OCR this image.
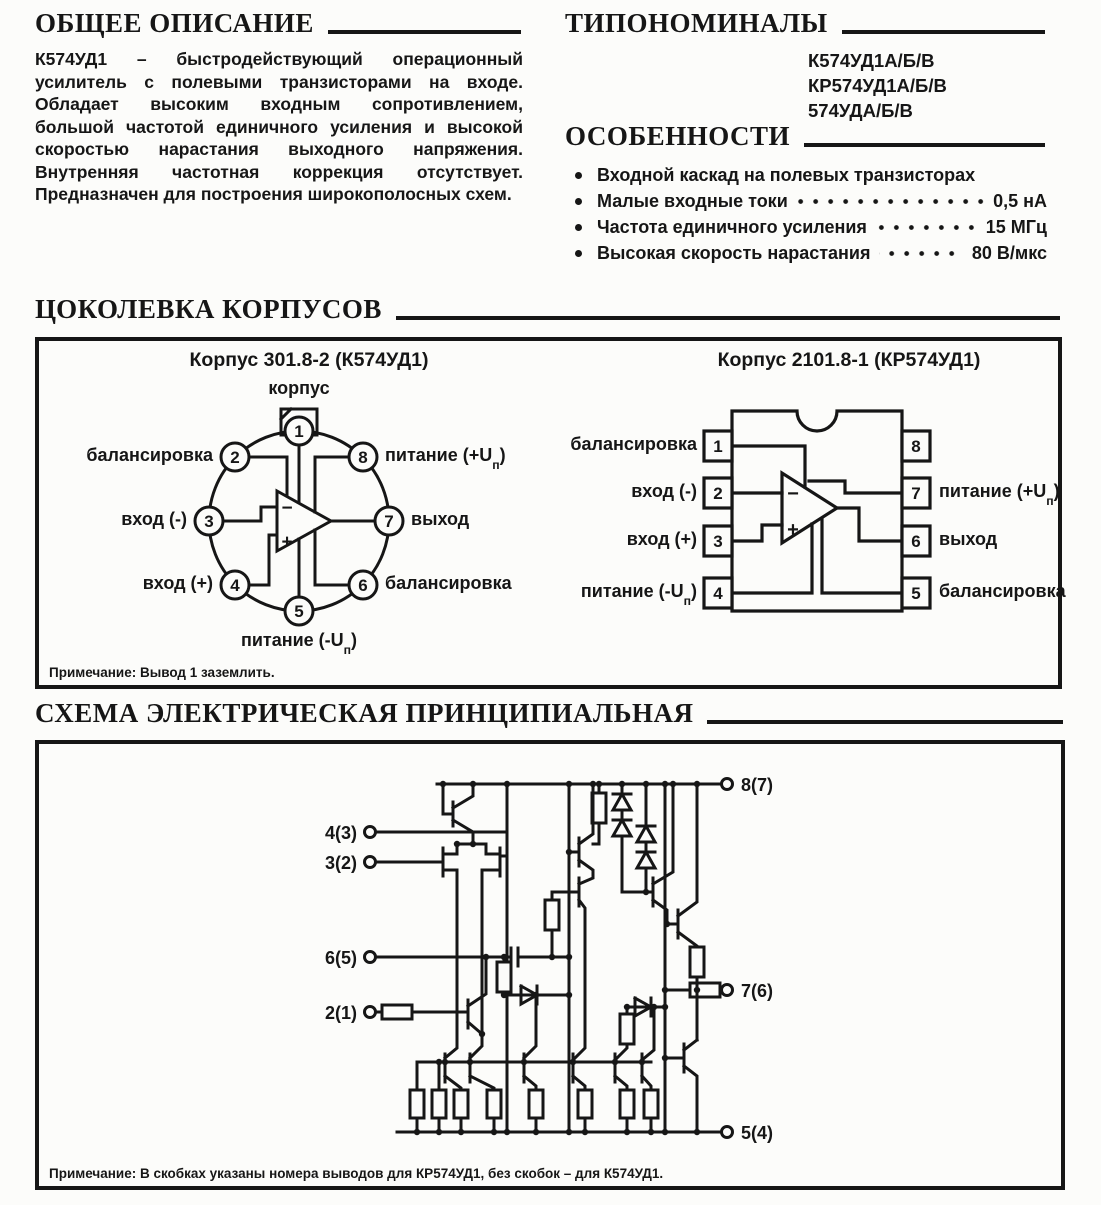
ОБЩЕЕ ОПИСАНИЕ

К574УД1 – быстродействующий операционный усилитель с полевыми транзисторами на входе. Обладает высоким входным сопротивлением, большой частотой единичного усиления и высокой скоростью нарастания выходного напряжения. Внутренняя частотная коррекция отсутствует. Предназначен для построения широкополосных схем.

ТИПОНОМИНАЛЫ
К574УД1А/Б/В
КР574УД1А/Б/В
574УДА/Б/В
ОСОБЕННОСТИ
Входной каскад на полевых транзисторах
Малые входные токи	0,5 нА
Частота единичного усиления	15 МГц
Высокая скорость нарастания	80 В/мкс
ЦОКОЛЕВКА КОРПУСОВ
Корпус 301.8-2 (К574УД1)	Корпус 2101.8-1 (КР574УД1)
1
2
3
4
5
6
7
8
−
+
корпус
балансировка
вход (-)
вход (+)
питание $(-U_п)$
балансировка
выход
питание $(+U_п)$	1
2
3
4
8
7
6
5
−
+
балансировка
вход (-)
вход (+)
питание $(-U_п)$
питание $(+U_п)$
выход
балансировка
Примечание: Вывод 1 заземлить.
СХЕМА ЭЛЕКТРИЧЕСКАЯ ПРИНЦИПИАЛЬНАЯ
4(3)
3(2)
6(5)
2(1)
8(7)
7(6)
5(4)
Примечание: В скобках указаны номера выводов для КР574УД1, без скобок – для К574УД1.
